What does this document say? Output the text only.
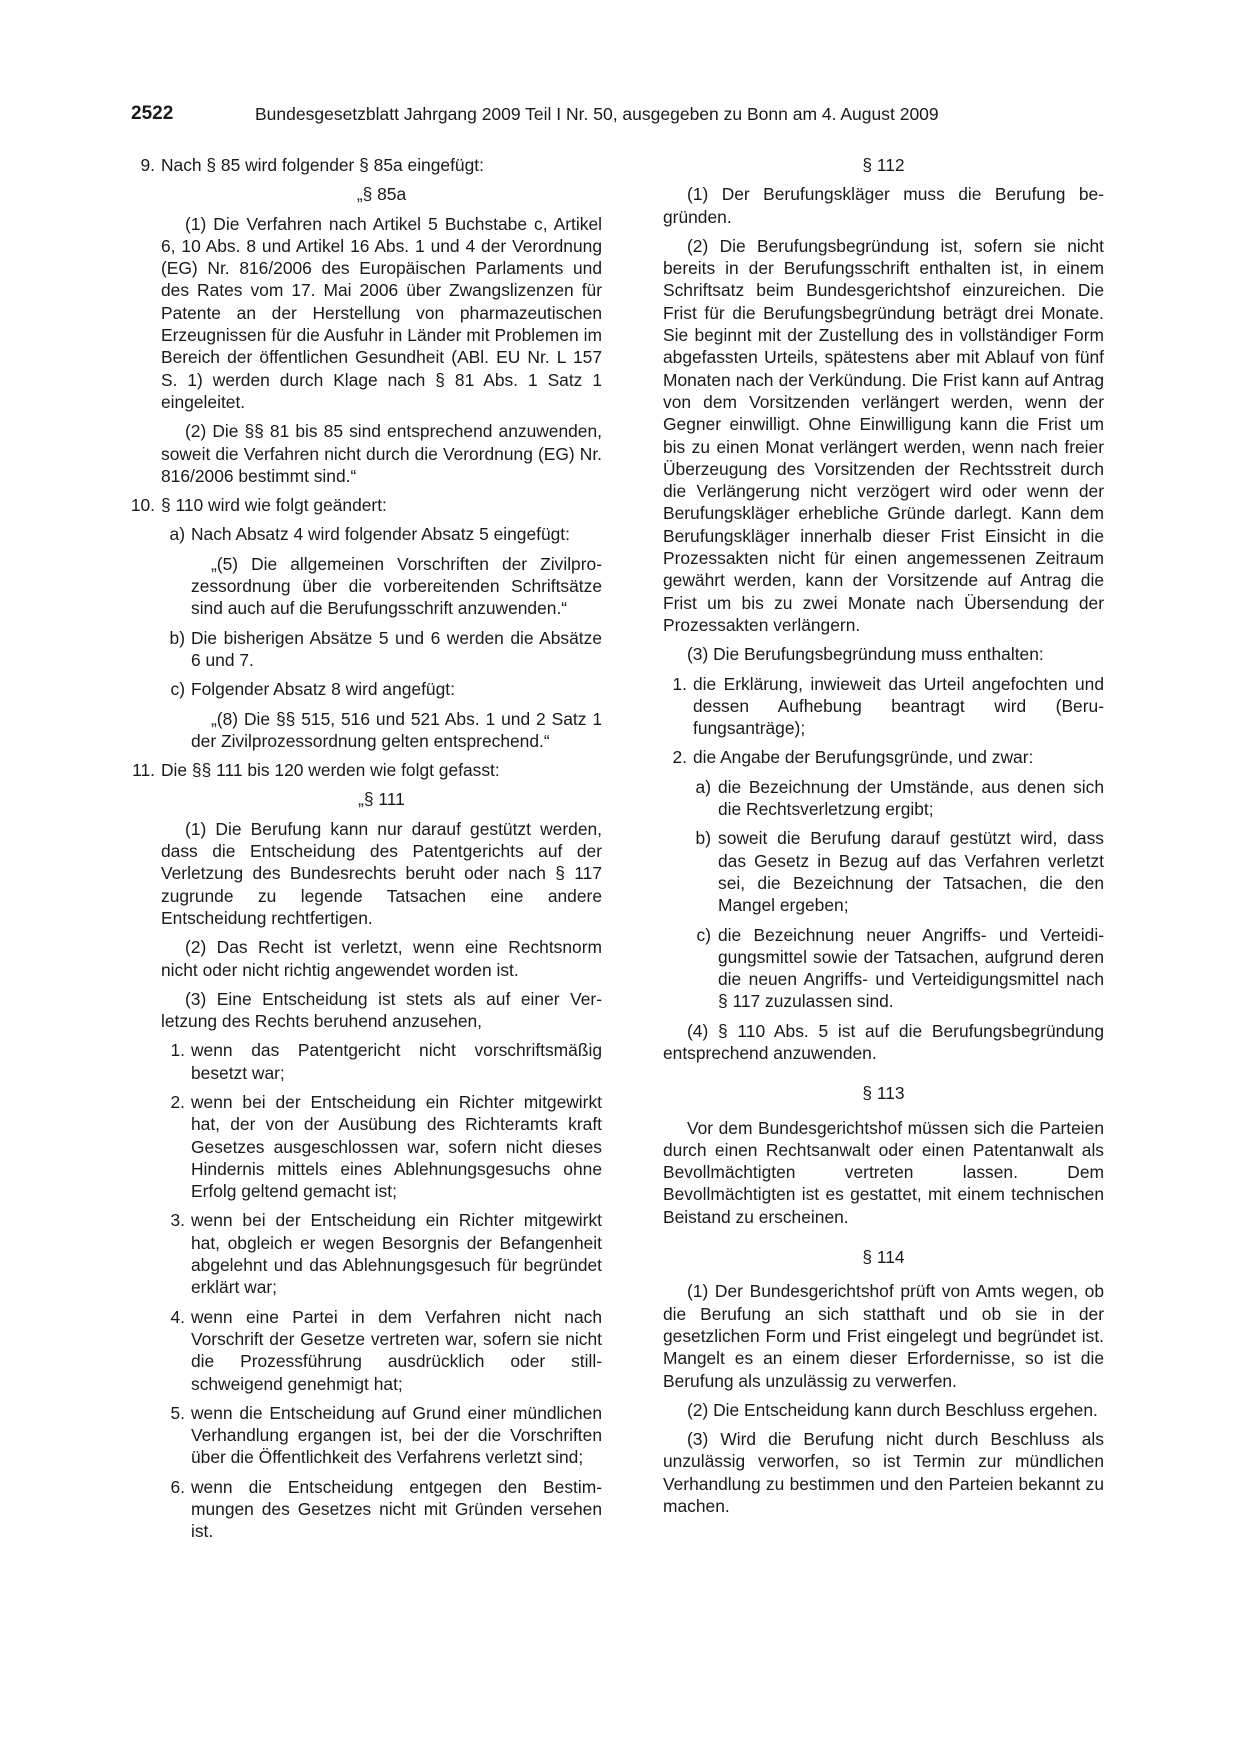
2522	Bundesgesetzblatt Jahrgang 2009 Teil I Nr. 50, ausgegeben zu Bonn am 4. August 2009
9. Nach § 85 wird folgender § 85a eingefügt:
„§ 85a

(1) Die Verfahren nach Artikel 5 Buchstabe c, Artikel 6, 10 Abs. 8 und Artikel 16 Abs. 1 und 4 der Verordnung (EG) Nr. 816/2006 des Europäischen Parlaments und des Rates vom 17. Mai 2006 über Zwangslizenzen für Patente an der Herstellung von pharmazeutischen Erzeugnissen für die Ausfuhr in Länder mit Problemen im Bereich der öffentlichen Gesundheit (ABl. EU Nr. L 157 S. 1) werden durch Klage nach § 81 Abs. 1 Satz 1 eingeleitet.

(2) Die §§ 81 bis 85 sind entsprechend anzuwenden, soweit die Verfahren nicht durch die Verordnung (EG) Nr. 816/2006 bestimmt sind.“

10. § 110 wird wie folgt geändert:
a) Nach Absatz 4 wird folgender Absatz 5 eingefügt:

„(5) Die allgemeinen Vorschriften der Zivilprozessordnung über die vorbereitenden Schriftsätze sind auch auf die Berufungsschrift anzuwenden.“

b) Die bisherigen Absätze 5 und 6 werden die Absätze 6 und 7.
c) Folgender Absatz 8 wird angefügt:

„(8) Die §§ 515, 516 und 521 Abs. 1 und 2 Satz 1 der Zivilprozessordnung gelten entsprechend.“

11. Die §§ 111 bis 120 werden wie folgt gefasst:
„§ 111

(1) Die Berufung kann nur darauf gestützt werden, dass die Entscheidung des Patentgerichts auf der Verletzung des Bundesrechts beruht oder nach § 117 zugrunde zu legende Tatsachen eine andere Entscheidung rechtfertigen.

(2) Das Recht ist verletzt, wenn eine Rechtsnorm nicht oder nicht richtig angewendet worden ist.

(3) Eine Entscheidung ist stets als auf einer Verletzung des Rechts beruhend anzusehen,

1. wenn das Patentgericht nicht vorschriftsmäßig besetzt war;
2. wenn bei der Entscheidung ein Richter mitgewirkt hat, der von der Ausübung des Richteramts kraft Gesetzes ausgeschlossen war, sofern nicht dieses Hindernis mittels eines Ablehnungsgesuchs ohne Erfolg geltend gemacht ist;
3. wenn bei der Entscheidung ein Richter mitgewirkt hat, obgleich er wegen Besorgnis der Befangenheit abgelehnt und das Ablehnungsgesuch für begründet erklärt war;
4. wenn eine Partei in dem Verfahren nicht nach Vorschrift der Gesetze vertreten war, sofern sie nicht die Prozessführung ausdrücklich oder stillschweigend genehmigt hat;
5. wenn die Entscheidung auf Grund einer mündlichen Verhandlung ergangen ist, bei der die Vorschriften über die Öffentlichkeit des Verfahrens verletzt sind;
6. wenn die Entscheidung entgegen den Bestimmungen des Gesetzes nicht mit Gründen versehen ist.
§ 112

(1) Der Berufungskläger muss die Berufung begründen.

(2) Die Berufungsbegründung ist, sofern sie nicht bereits in der Berufungsschrift enthalten ist, in einem Schriftsatz beim Bundesgerichtshof einzureichen. Die Frist für die Berufungsbegründung beträgt drei Monate. Sie beginnt mit der Zustellung des in vollständiger Form abgefassten Urteils, spätestens aber mit Ablauf von fünf Monaten nach der Verkündung. Die Frist kann auf Antrag von dem Vorsitzenden verlängert werden, wenn der Gegner einwilligt. Ohne Einwilligung kann die Frist um bis zu einen Monat verlängert werden, wenn nach freier Überzeugung des Vorsitzenden der Rechtsstreit durch die Verlängerung nicht verzögert wird oder wenn der Berufungskläger erhebliche Gründe darlegt. Kann dem Berufungskläger innerhalb dieser Frist Einsicht in die Prozessakten nicht für einen angemessenen Zeitraum gewährt werden, kann der Vorsitzende auf Antrag die Frist um bis zu zwei Monate nach Übersendung der Prozessakten verlängern.

(3) Die Berufungsbegründung muss enthalten:

1. die Erklärung, inwieweit das Urteil angefochten und dessen Aufhebung beantragt wird (Berufungsanträge);
2. die Angabe der Berufungsgründe, und zwar:
a) die Bezeichnung der Umstände, aus denen sich die Rechtsverletzung ergibt;
b) soweit die Berufung darauf gestützt wird, dass das Gesetz in Bezug auf das Verfahren verletzt sei, die Bezeichnung der Tatsachen, die den Mangel ergeben;
c) die Bezeichnung neuer Angriffs- und Verteidigungsmittel sowie der Tatsachen, aufgrund deren die neuen Angriffs- und Verteidigungsmittel nach § 117 zuzulassen sind.

(4) § 110 Abs. 5 ist auf die Berufungsbegründung entsprechend anzuwenden.

§ 113

Vor dem Bundesgerichtshof müssen sich die Parteien durch einen Rechtsanwalt oder einen Patentanwalt als Bevollmächtigten vertreten lassen. Dem Bevollmächtigten ist es gestattet, mit einem technischen Beistand zu erscheinen.

§ 114

(1) Der Bundesgerichtshof prüft von Amts wegen, ob die Berufung an sich statthaft und ob sie in der gesetzlichen Form und Frist eingelegt und begründet ist. Mangelt es an einem dieser Erfordernisse, so ist die Berufung als unzulässig zu verwerfen.

(2) Die Entscheidung kann durch Beschluss ergehen.

(3) Wird die Berufung nicht durch Beschluss als unzulässig verworfen, so ist Termin zur mündlichen Verhandlung zu bestimmen und den Parteien bekannt zu machen.
